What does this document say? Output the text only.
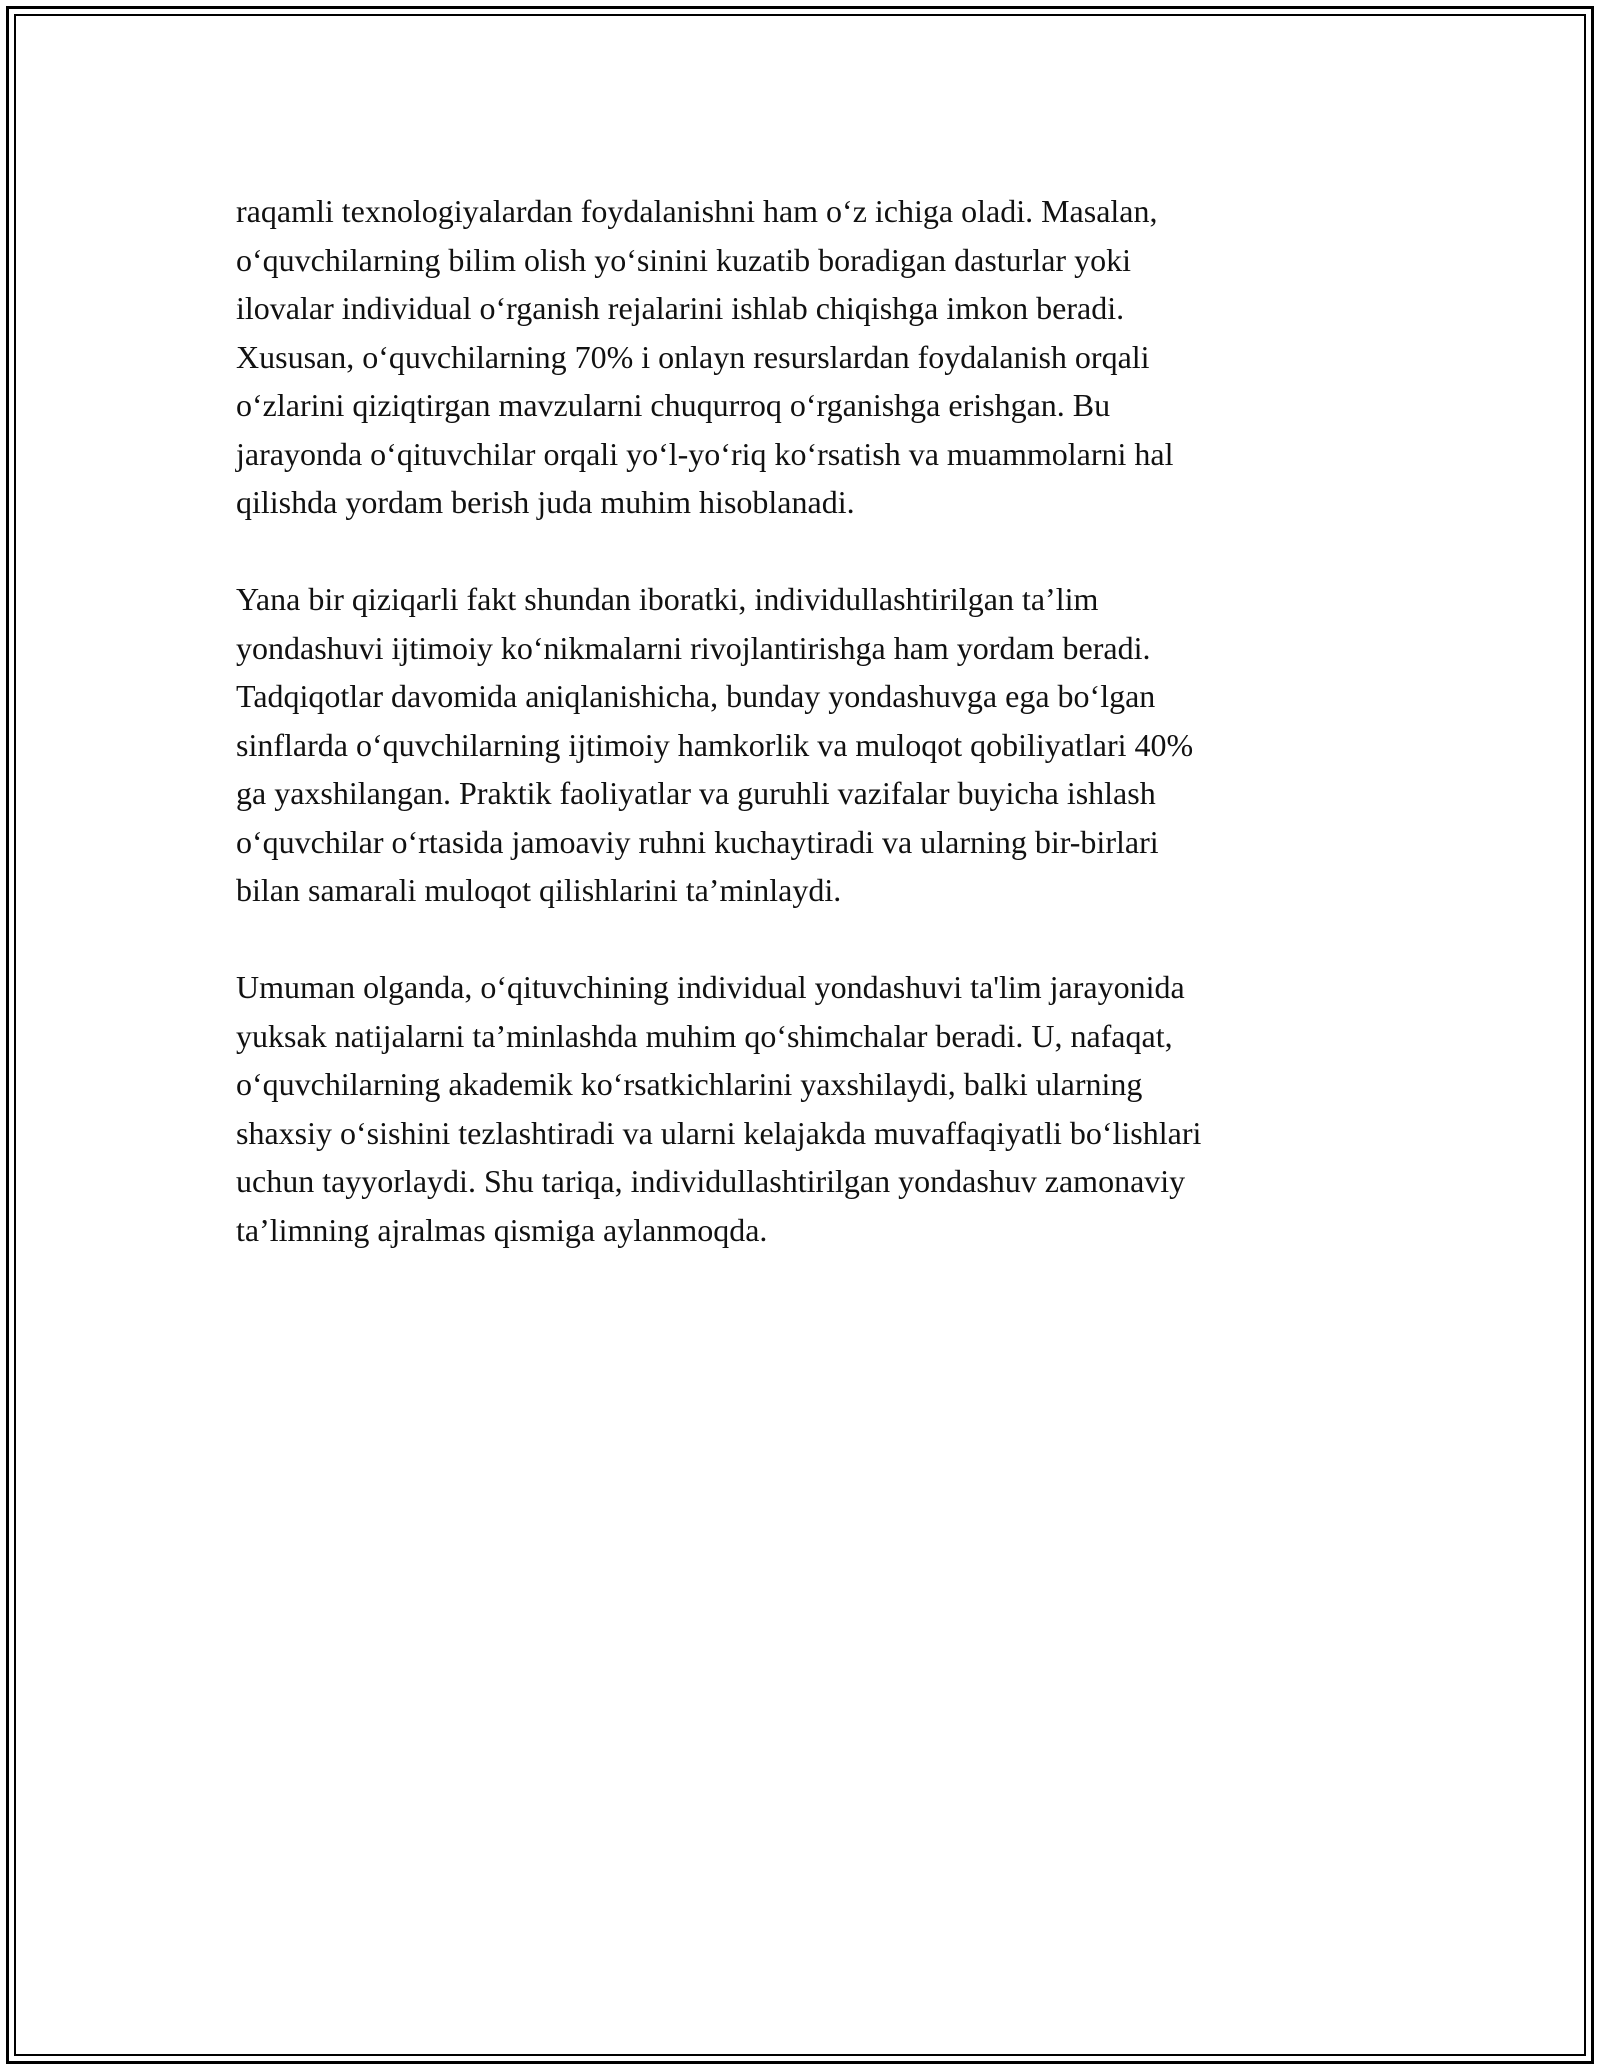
raqamli texnologiyalardan foydalanishni ham o‘z ichiga oladi. Masalan,
o‘quvchilarning bilim olish yo‘sinini kuzatib boradigan dasturlar yoki
ilovalar individual o‘rganish rejalarini ishlab chiqishga imkon beradi.
Xususan, o‘quvchilarning 70% i onlayn resurslardan foydalanish orqali
o‘zlarini qiziqtirgan mavzularni chuqurroq o‘rganishga erishgan. Bu
jarayonda o‘qituvchilar orqali yo‘l-yo‘riq ko‘rsatish va muammolarni hal
qilishda yordam berish juda muhim hisoblanadi.

Yana bir qiziqarli fakt shundan iboratki, individullashtirilgan ta’lim
yondashuvi ijtimoiy ko‘nikmalarni rivojlantirishga ham yordam beradi.
Tadqiqotlar davomida aniqlanishicha, bunday yondashuvga ega bo‘lgan
sinflarda o‘quvchilarning ijtimoiy hamkorlik va muloqot qobiliyatlari 40%
ga yaxshilangan. Praktik faoliyatlar va guruhli vazifalar buyicha ishlash
o‘quvchilar o‘rtasida jamoaviy ruhni kuchaytiradi va ularning bir-birlari
bilan samarali muloqot qilishlarini ta’minlaydi.

Umuman olganda, o‘qituvchining individual yondashuvi ta'lim jarayonida
yuksak natijalarni ta’minlashda muhim qo‘shimchalar beradi. U, nafaqat,
o‘quvchilarning akademik ko‘rsatkichlarini yaxshilaydi, balki ularning
shaxsiy o‘sishini tezlashtiradi va ularni kelajakda muvaffaqiyatli bo‘lishlari
uchun tayyorlaydi. Shu tariqa, individullashtirilgan yondashuv zamonaviy
ta’limning ajralmas qismiga aylanmoqda.
